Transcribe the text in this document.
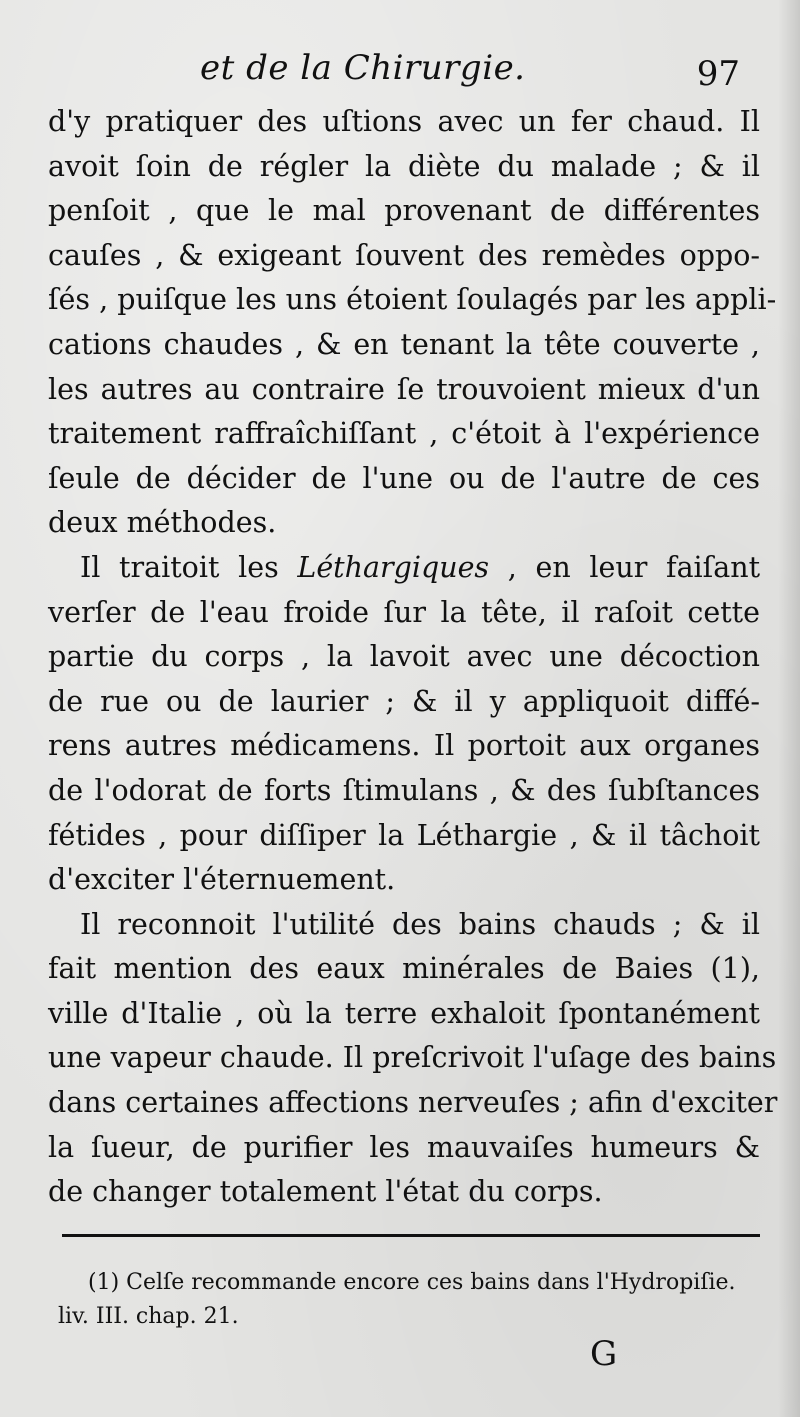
et de la Chirurgie.	97
d'y pratiquer des uſtions avec un fer chaud. Il
avoit ſoin de régler la diète du malade ; & il
penſoit , que le mal provenant de différentes
cauſes , & exigeant ſouvent des remèdes oppo-
ſés , puiſque les uns étoient ſoulagés par les appli-
cations chaudes , & en tenant la tête couverte ,
les autres au contraire ſe trouvoient mieux d'un
traitement raffraîchiſſant , c'étoit à l'expérience
ſeule de décider de l'une ou de l'autre de ces
deux méthodes.
Il traitoit les Léthargiques , en leur faiſant
verſer de l'eau froide ſur la tête, il raſoit cette
partie du corps , la lavoit avec une décoction
de rue ou de laurier ; & il y appliquoit diffé-
rens autres médicamens. Il portoit aux organes
de l'odorat de forts ſtimulans , & des ſubſtances
fétides , pour diſſiper la Léthargie , & il tâchoit
d'exciter l'éternuement.
Il reconnoit l'utilité des bains chauds ; & il
fait mention des eaux minérales de Baies (1),
ville d'Italie , où la terre exhaloit ſpontanément
une vapeur chaude. Il preſcrivoit l'uſage des bains
dans certaines affections nerveuſes ; afin d'exciter
la ſueur, de purifier les mauvaiſes humeurs &
de changer totalement l'état du corps.
(1) Celſe recommande encore ces bains dans l'Hydropiſie.
liv. III. chap. 21.
G
